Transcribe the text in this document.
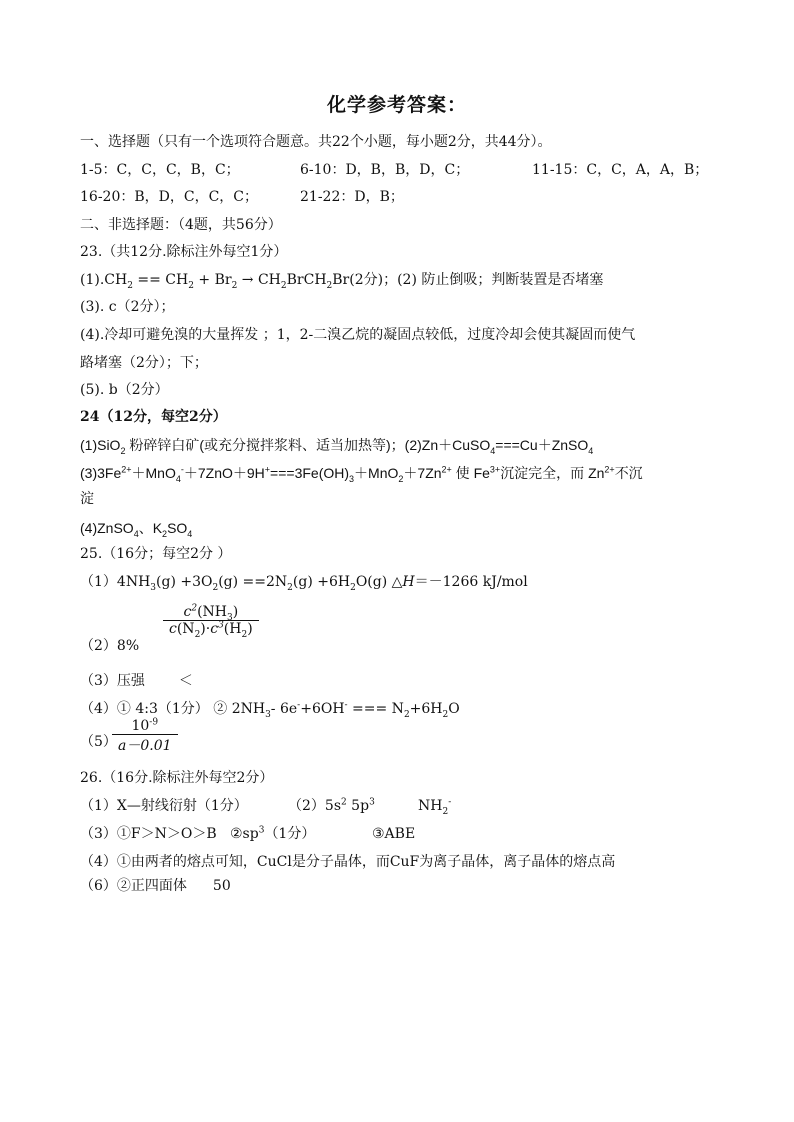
化学参考答案：
一、选择题（只有一个选项符合题意。共22个小题，每小题2分，共44分）。
1-5：C，C，C，B，C；	6-10：D，B，B，D，C；	11-15：C，C，A，A，B；
16-20：B，D，C，C，C；	21-22：D，B；
二、非选择题：（4题，共56分）
23.（共12分.除标注外每空1分）
$(1).CH_2 == CH_2 + Br_2$ → $CH_2BrCH_2Br(2$分)；(2) 防止倒吸；判断装置是否堵塞
(3). c（2分）；
(4).冷却可避免溴的大量挥发 ；1，2-二溴乙烷的凝固点较低，过度冷却会使其凝固而使气
路堵塞（2分）；下；
(5). b（2分）
24（12分，每空2分）
(1)SiO$_2$ 粉碎锌白矿(或充分搅拌浆料、适当加热等)；(2)Zn＋CuSO$_4$===Cu＋ZnSO$_4$
$(3)3Fe^{2+}+MnO_4^-+7ZnO+9H^+===3Fe(OH)_3+MnO_2+7Zn^{2+}$ 使 $Fe^{3+}$沉淀完全，而 $Zn^{2+}$不沉
淀
(4)ZnSO$_4$、$K_2SO_4$
25.（16分；每空2分 ）
$(1)4NH_3(g) +3O_2(g) ==2N_2(g) +6H_2O(g)$ △H＝－1266 kJ/mol
（2）8%
$c^2(NH_3)$
$c(N_2)\cdot c^3(H_2)$
（3）压强 ＜
（4）① 4:3（1分） ② $2NH_3-$ 6e-+6OH- === $N_2+6H_2O$
（5）
$10^{-9}$
a－0.01
26.（16分.除标注外每空2分）
（1）X—射线衍射（1分）	$(2)5s^2$ $5p^3$	$NH_2^-$
（3）①F＞N＞O＞B $②sp^3(1$分）	③ABE
（4）①由两者的熔点可知，CuCl是分子晶体，而CuF为离子晶体，离子晶体的熔点高
（6）②正四面体 50
